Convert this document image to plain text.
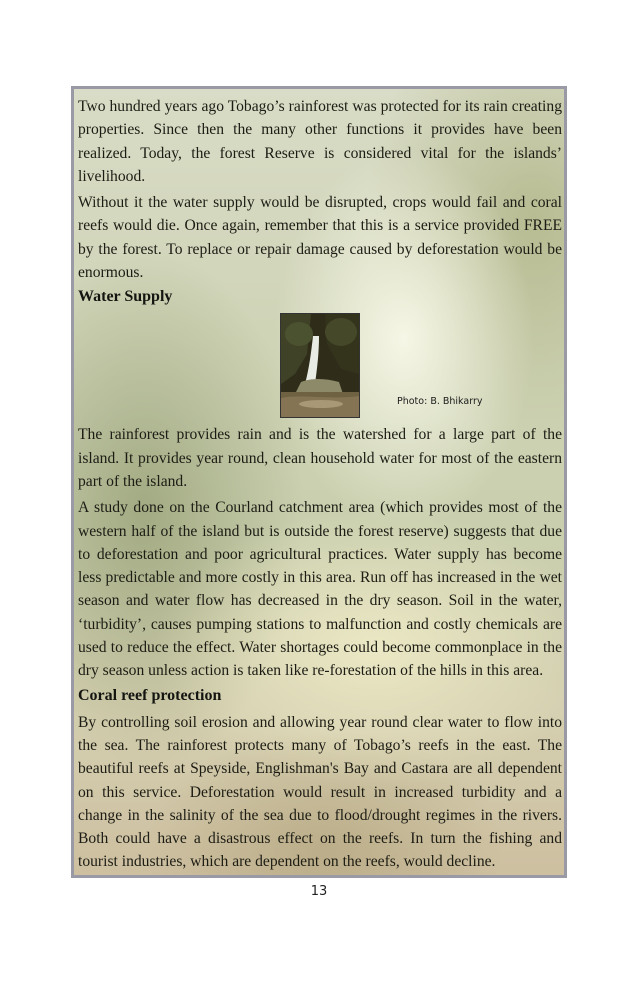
Two hundred years ago Tobago’s rainforest was protected for its rain creating properties. Since then the many other functions it provides have been realized. Today, the forest Reserve is considered vital for the islands’ livelihood.

Without it the water supply would be disrupted, crops would fail and coral reefs would die. Once again, remember that this is a service provided FREE by the forest. To replace or repair damage caused by deforestation would be enormous.

Water Supply
Photo: B. Bhikarry

The rainforest provides rain and is the watershed for a large part of the island. It provides year round, clean household water for most of the eastern part of the island.

A study done on the Courland catchment area (which provides most of the western half of the island but is outside the forest reserve) suggests that due to deforestation and poor agricultural practices. Water supply has become less predictable and more costly in this area. Run off has increased in the wet season and water flow has decreased in the dry season. Soil in the water, ‘turbidity’, causes pumping stations to malfunction and costly chemicals are used to reduce the effect. Water shortages could become commonplace in the dry season unless action is taken like re-forestation of the hills in this area.

Coral reef protection

By controlling soil erosion and allowing year round clear water to flow into the sea. The rainforest protects many of Tobago’s reefs in the east. The beautiful reefs at Speyside, Englishman's Bay and Castara are all dependent on this service. Deforestation would result in increased turbidity and a change in the salinity of the sea due to flood/drought regimes in the rivers. Both could have a disastrous effect on the reefs. In turn the fishing and tourist industries, which are dependent on the reefs, would decline.

13
